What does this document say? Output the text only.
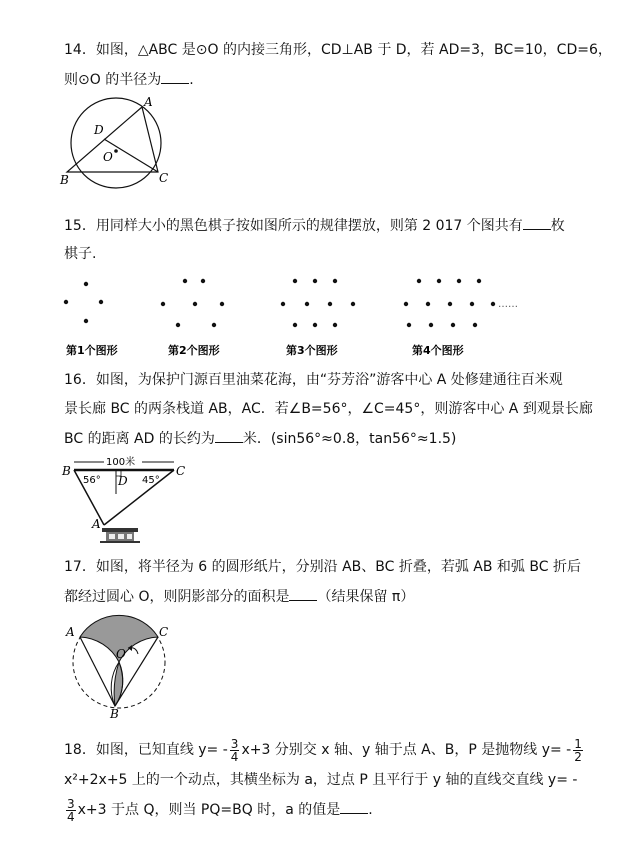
14．如图，△ABC 是⊙O 的内接三角形，CD⊥AB 于 D，若 AD=3，BC=10，CD=6，
则⊙O 的半径为 .
A
B	C
D
O
15．用同样大小的黑色棋子按如图所示的规律摆放，则第 2 017 个图共有 枚
棋子.
……
第1个图形	第2个图形	第3个图形	第4个图形
16．如图，为保护门源百里油菜花海，由“芬芳浴”游客中心 A 处修建通往百米观
景长廊 BC 的两条栈道 AB，AC．若∠B=56°，∠C=45°，则游客中心 A 到观景长廊
BC 的距离 AD 的长约为 米．(sin56°≈0.8，tan56°≈1.5)
100米
B	C
D
A
56°	45°
17．如图，将半径为 6 的圆形纸片，分别沿 AB、BC 折叠，若弧 AB 和弧 BC 折后
都经过圆心 O，则阴影部分的面积是 （结果保留 π）
A	C
O
B
18．如图，已知直线 $y= - \frac{3}{4} x+3$ 分别交 x 轴、y 轴于点 A、B，P 是抛物线 $y= - \frac{1}{2}$
x²+2x+5 上的一个动点，其横坐标为 a，过点 P 且平行于 y 轴的直线交直线 y= -
$\frac{3}{4} x+3$ 于点 Q，则当 PQ=BQ 时，a 的值是 .
